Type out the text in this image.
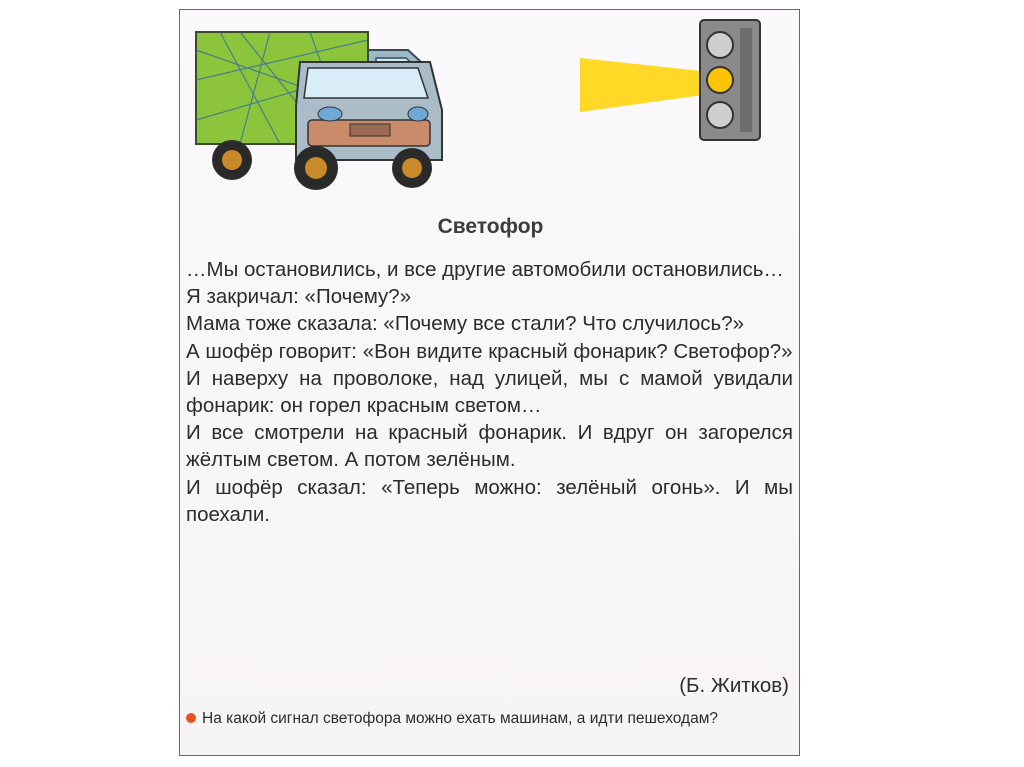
Светофор

…Мы остановились, и все другие автомобили остановились…

Я закричал: «Почему?»

Мама тоже сказала: «Почему все стали? Что случилось?»

А шофёр говорит: «Вон видите красный фонарик? Светофор?»

И наверху на проволоке, над улицей, мы с мамой увидали фонарик: он горел красным светом…

И все смотрели на красный фонарик. И вдруг он загорелся жёлтым светом. А потом зелёным.

И шофёр сказал: «Теперь можно: зелёный огонь». И мы поехали.

(Б. Житков)
На какой сигнал светофора можно ехать машинам, а идти пешеходам?
